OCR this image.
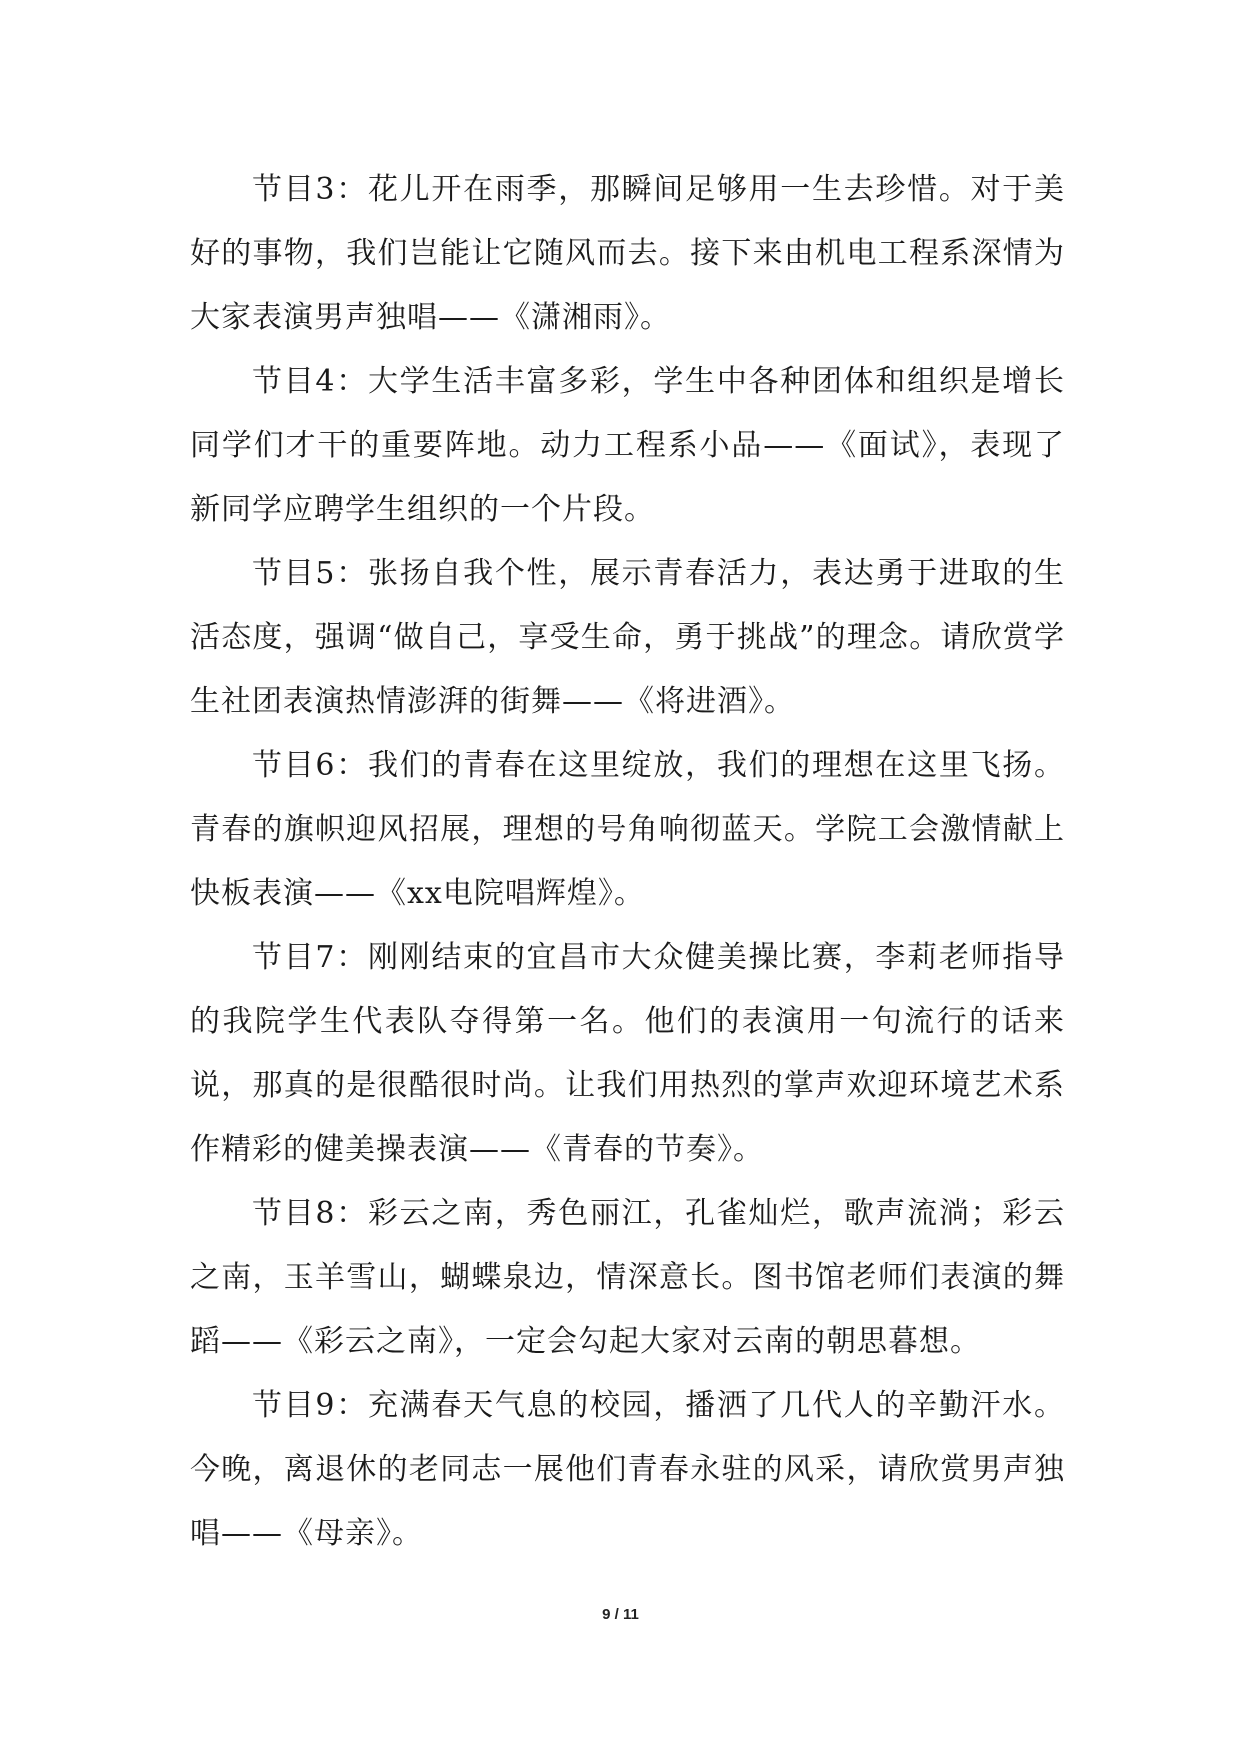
节目3：花儿开在雨季，那瞬间足够用一生去珍惜。对于美好的事物，我们岂能让它随风而去。接下来由机电工程系深情为大家表演男声独唱——《潇湘雨》。

节目4：大学生活丰富多彩，学生中各种团体和组织是增长同学们才干的重要阵地。动力工程系小品——《面试》，表现了新同学应聘学生组织的一个片段。

节目5：张扬自我个性，展示青春活力，表达勇于进取的生活态度，强调“做自己，享受生命，勇于挑战”的理念。请欣赏学生社团表演热情澎湃的街舞——《将进酒》。

节目6：我们的青春在这里绽放，我们的理想在这里飞扬。青春的旗帜迎风招展，理想的号角响彻蓝天。学院工会激情献上快板表演——《xx电院唱辉煌》。

节目7：刚刚结束的宜昌市大众健美操比赛，李莉老师指导的我院学生代表队夺得第一名。他们的表演用一句流行的话来说，那真的是很酷很时尚。让我们用热烈的掌声欢迎环境艺术系作精彩的健美操表演——《青春的节奏》。

节目8：彩云之南，秀色丽江，孔雀灿烂，歌声流淌；彩云之南，玉羊雪山，蝴蝶泉边，情深意长。图书馆老师们表演的舞蹈——《彩云之南》，一定会勾起大家对云南的朝思暮想。

节目9：充满春天气息的校园，播洒了几代人的辛勤汗水。今晚，离退休的老同志一展他们青春永驻的风采，请欣赏男声独唱——《母亲》。

9 / 11
